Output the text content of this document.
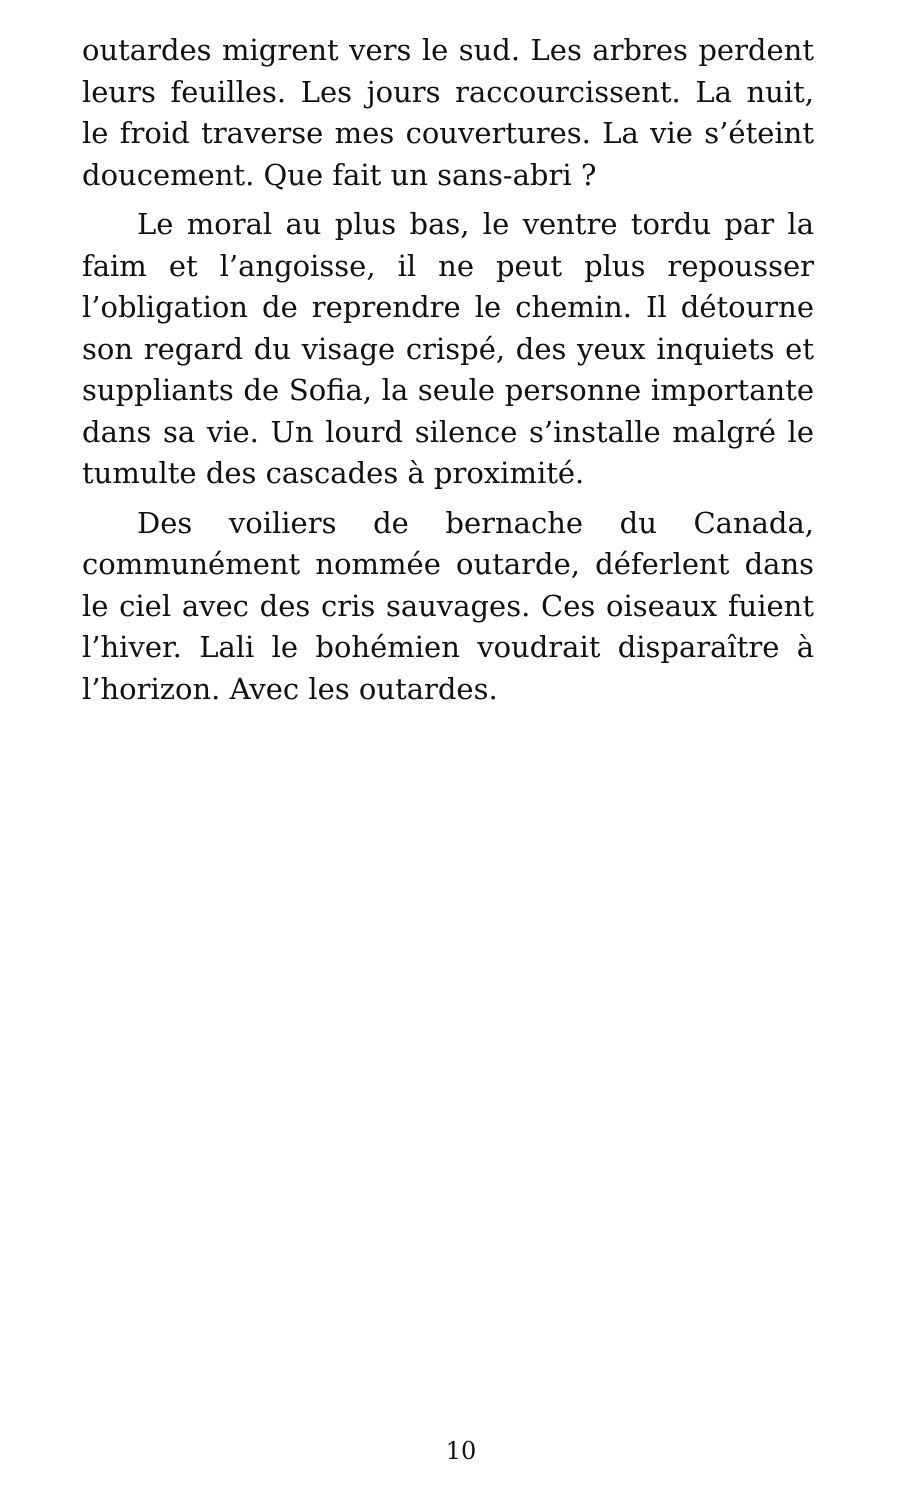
outardes migrent vers le sud. Les arbres perdent leurs feuilles. Les jours raccourcissent. La nuit, le froid traverse mes couvertures. La vie s’éteint doucement. Que fait un sans-abri ?

Le moral au plus bas, le ventre tordu par la faim et l’angoisse, il ne peut plus repousser l’obligation de reprendre le chemin. Il détourne son regard du visage crispé, des yeux inquiets et suppliants de Sofia, la seule personne importante dans sa vie. Un lourd silence s’installe malgré le tumulte des cascades à proximité.

Des voiliers de bernache du Canada, communément nommée outarde, déferlent dans le ciel avec des cris sauvages. Ces oiseaux fuient l’hiver. Lali le bohémien voudrait disparaître à l’horizon. Avec les outardes.

10
